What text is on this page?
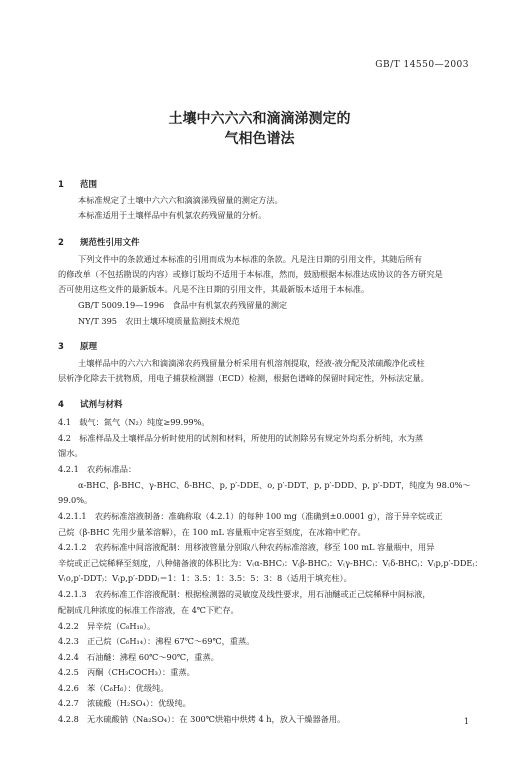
GB/T 14550—2003
土壤中六六六和滴滴涕测定的
气相色谱法
1 范围
本标准规定了土壤中六六六和滴滴涕残留量的测定方法。
本标准适用于土壤样品中有机氯农药残留量的分析。
2 规范性引用文件
下列文件中的条款通过本标准的引用而成为本标准的条款。凡是注日期的引用文件，其随后所有
的修改单（不包括勘误的内容）或修订版均不适用于本标准，然而，鼓励根据本标准达成协议的各方研究是
否可使用这些文件的最新版本。凡是不注日期的引用文件，其最新版本适用于本标准。
GB/T 5009.19—1996　食品中有机氯农药残留量的测定
NY/T 395　农田土壤环境质量监测技术规范
3 原理
土壤样品中的六六六和滴滴涕农药残留量分析采用有机溶剂提取，经液-液分配及浓硫酸净化或柱
层析净化除去干扰物质，用电子捕获检测器（ECD）检测，根据色谱峰的保留时间定性，外标法定量。
4 试剂与材料
4.1　载气：氮气（N₂）纯度≥99.99%。
4.2　标准样品及土壤样品分析时使用的试剂和材料，所使用的试剂除另有规定外均系分析纯，水为蒸
馏水。
4.2.1　农药标准品：
α-BHC、β-BHC、γ-BHC、δ-BHC、p, p′-DDE、o, p′-DDT、p, p′-DDD、p, p′-DDT，纯度为 98.0%～
99.0%。
4.2.1.1　农药标准溶液制备：准确称取（4.2.1）的每种 100 mg（准确到±0.0001 g），溶于异辛烷或正
己烷（β-BHC 先用少量苯溶解），在 100 mL 容量瓶中定容至刻度，在冰箱中贮存。
4.2.1.2　农药标准中间溶液配制：用移液管量分别取八种农药标准溶液，移至 100 mL 容量瓶中，用异
辛烷或正己烷稀释至刻度，八种储备液的体积比为：V₍α-BHC₎：V₍β-BHC₎：V₍γ-BHC₎：V₍δ-BHC₎：V₍p,p′-DDE₎：
V₍o,p′-DDT₎：V₍p,p′-DDD₎＝1：1：3.5：1：3.5：5：3：8（适用于填充柱）。
4.2.1.3　农药标准工作溶液配制：根据检测器的灵敏度及线性要求，用石油醚或正己烷稀释中间标液，
配制成几种浓度的标准工作溶液，在 4℃下贮存。
4.2.2　异辛烷（C₈H₁₈）。
4.2.3　正己烷（C₆H₁₄）：沸程 67℃～69℃，重蒸。
4.2.4　石油醚：沸程 60℃～90℃，重蒸。
4.2.5　丙酮（CH₃COCH₃）：重蒸。
4.2.6　苯（C₆H₆）：优级纯。
4.2.7　浓硫酸（H₂SO₄）：优级纯。
4.2.8　无水硫酸钠（Na₂SO₄）：在 300℃烘箱中烘烤 4 h，放入干燥器备用。	1
